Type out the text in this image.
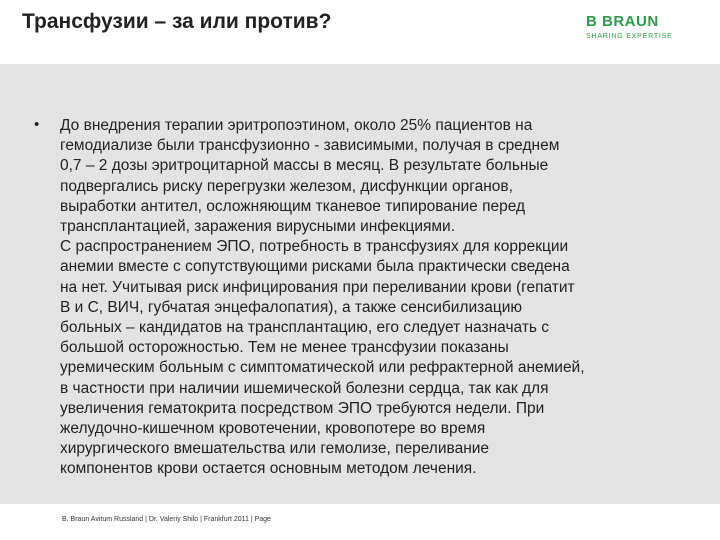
Трансфузии – за или против?	B BRAUN
SHARING EXPERTISE
• До внедрения терапии эритропоэтином, около 25% пациентов на
гемодиализе были трансфузионно - зависимыми, получая в среднем
0,7 – 2 дозы эритроцитарной массы в месяц. В результате больные
подвергались риску перегрузки железом, дисфункции органов,
выработки антител, осложняющим тканевое типирование перед
трансплантацией, заражения вирусными инфекциями.
С распространением ЭПО, потребность в трансфузиях для коррекции
анемии вместе с сопутствующими рисками была практически сведена
на нет. Учитывая риск инфицирования при переливании крови (гепатит
В и С, ВИЧ, губчатая энцефалопатия), а также сенсибилизацию
больных – кандидатов на трансплантацию, его следует назначать с
большой осторожностью. Тем не менее трансфузии показаны
уремическим больным с симптоматической или рефрактерной анемией,
в частности при наличии ишемической болезни сердца, так как для
увеличения гематокрита посредством ЭПО требуются недели. При
желудочно-кишечном кровотечении, кровопотере во время
хирургического вмешательства или гемолизе, переливание
компонентов крови остается основным методом лечения.
B. Braun Avitum Russland | Dr. Valeriy Shilo | Frankfurt 2011 | Page
